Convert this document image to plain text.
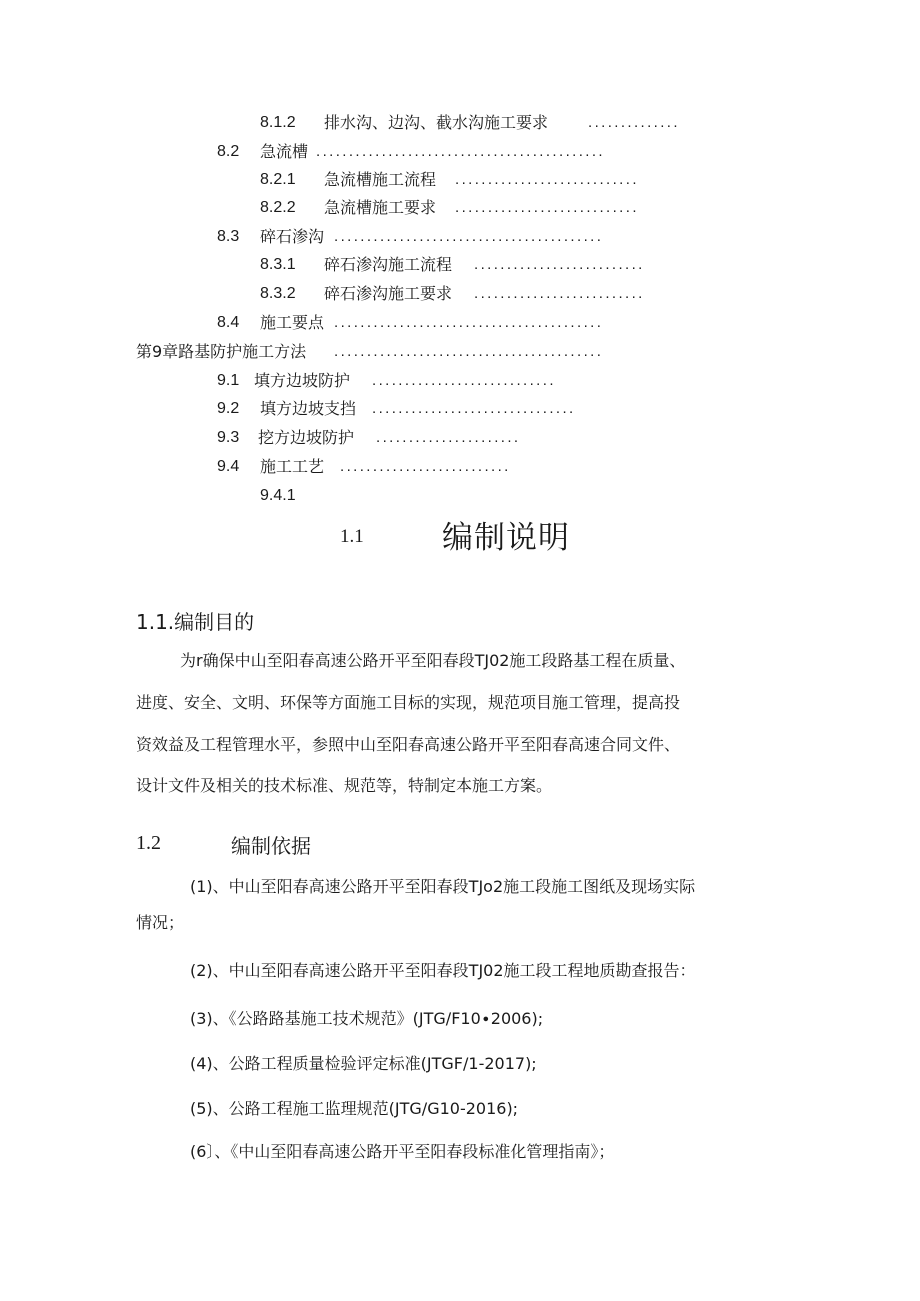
8.1.2 排水沟、边沟、截水沟施工要求	..............
8.2 急流槽 ............................................
8.2.1 急流槽施工流程 ............................
8.2.2 急流槽施工要求 ............................
8.3 碎石渗沟 .........................................
8.3.1 碎石渗沟施工流程 ..........................
8.3.2 碎石渗沟施工要求 ..........................
8.4 施工要点 .........................................
第9章路基防护施工方法 .........................................
9.1 填方边坡防护 ............................
9.2 填方边坡支挡 ...............................
9.3 挖方边坡防护 ......................
9.4 施工工艺 ..........................
9.4.1
1.1	编制说明
1.1.编制目的
为r确保中山至阳春高速公路开平至阳春段TJ02施工段路基工程在质量、
进度、安全、文明、环保等方面施工目标的实现，规范项目施工管理，提高投
资效益及工程管理水平，参照中山至阳春高速公路开平至阳春高速合同文件、
设计文件及相关的技术标准、规范等，特制定本施工方案。
1.2	编制依据
(1)、中山至阳春高速公路开平至阳春段TJo2施工段施工图纸及现场实际
情况；
(2)、中山至阳春高速公路开平至阳春段TJ02施工段工程地质勘查报告：
(3)、《公路路基施工技术规范》(JTG∕F10∙2006);
(4)、公路工程质量检验评定标准(JTGF/1-2017);
(5)、公路工程施工监理规范(JTG/G10-2016);
(6〕、《中山至阳春高速公路开平至阳春段标准化管理指南》；
